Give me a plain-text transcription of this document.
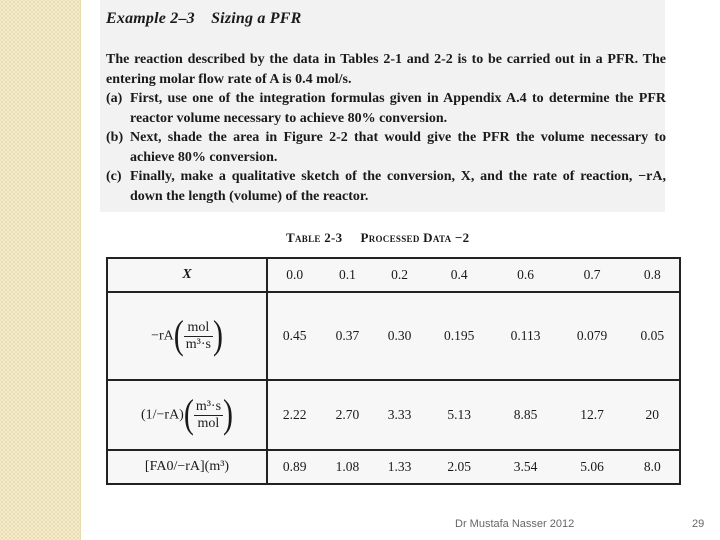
Example 2–3 Sizing a PFR

The reaction described by the data in Tables 2-1 and 2-2 is to be carried out in a PFR. The entering molar flow rate of A is 0.4 mol/s.

(a) First, use one of the integration formulas given in Appendix A.4 to determine the PFR reactor volume necessary to achieve 80% conversion.

(b) Next, shade the area in Figure 2-2 that would give the PFR the volume necessary to achieve 80% conversion.

(c) Finally, make a qualitative sketch of the conversion, X, and the rate of reaction, −rA, down the length (volume) of the reactor.

Table 2-3 Processed Data −2
X	0.0	0.1	0.2	0.4	0.6	0.7	0.8
$-rA( \frac{\text{mol}}{\text{m³·s}}$ )	0.45	0.37	0.30	0.195	0.113	0.079	0.05
$(1/-rA)( \frac{\text{m³·s}}{\text{mol}}$ )	2.22	2.70	3.33	5.13	8.85	12.7	20
[FA0/−rA](m³)	0.89	1.08	1.33	2.05	3.54	5.06	8.0
Dr Mustafa Nasser 2012	29
